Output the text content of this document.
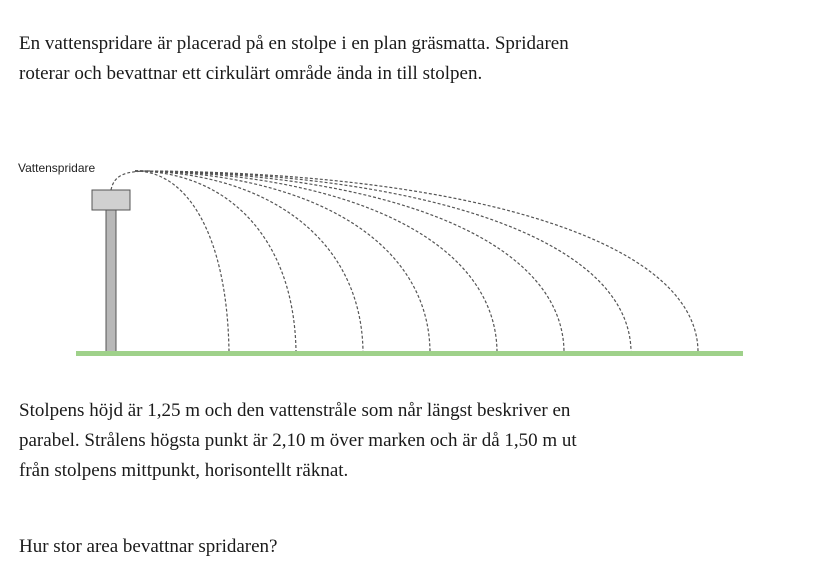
En vattenspridare är placerad på en stolpe i en plan gräsmatta. Spridaren
roterar och bevattnar ett cirkulärt område ända in till stolpen.

Vattenspridare

Stolpens höjd är 1,25 m och den vattenstråle som når längst beskriver en
parabel. Strålens högsta punkt är 2,10 m över marken och är då 1,50 m ut
från stolpens mittpunkt, horisontellt räknat.

Hur stor area bevattnar spridaren?
